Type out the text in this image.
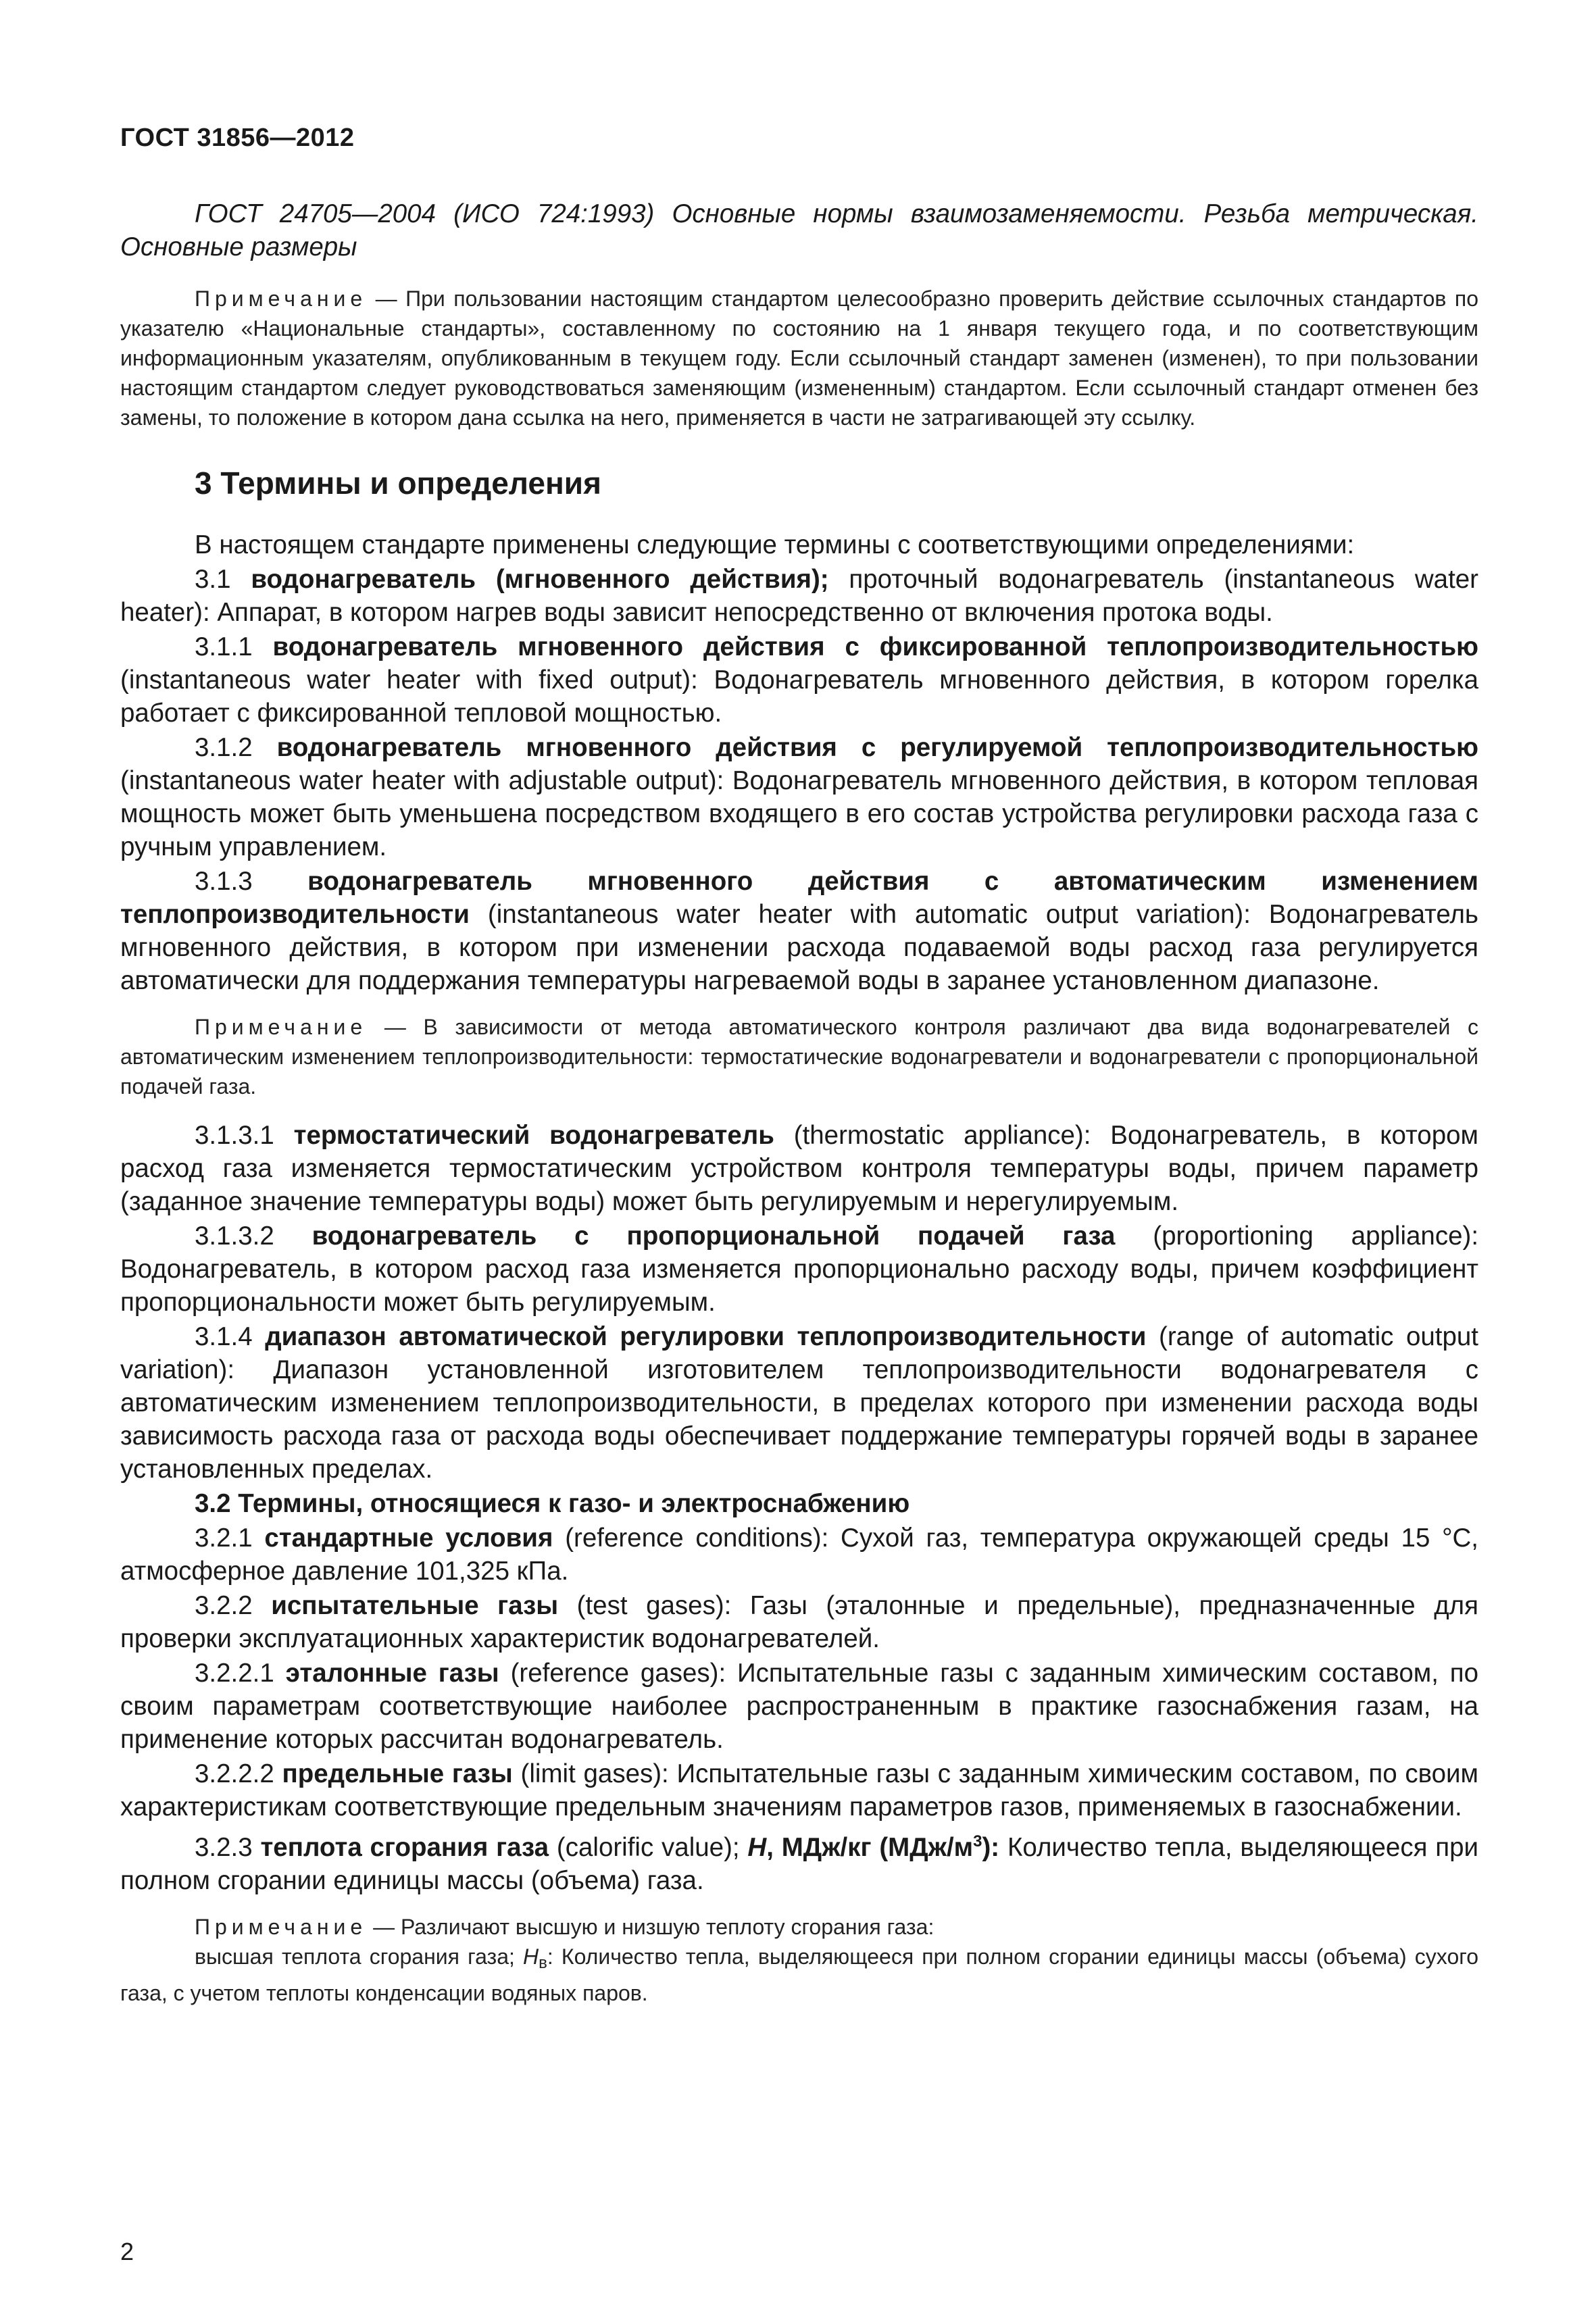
ГОСТ 31856—2012

ГОСТ 24705—2004 (ИСО 724:1993) Основные нормы взаимозаменяемости. Резьба метрическая. Основные размеры

Примечание — При пользовании настоящим стандартом целесообразно проверить действие ссылочных стандартов по указателю «Национальные стандарты», составленному по состоянию на 1 января текущего года, и по соответствующим информационным указателям, опубликованным в текущем году. Если ссылочный стандарт заменен (изменен), то при пользовании настоящим стандартом следует руководствоваться заменяющим (измененным) стандартом. Если ссылочный стандарт отменен без замены, то положение в котором дана ссылка на него, применяется в части не затрагивающей эту ссылку.

3 Термины и определения

В настоящем стандарте применены следующие термины с соответствующими определениями:

3.1 водонагреватель (мгновенного действия); проточный водонагреватель (instantaneous water heater): Аппарат, в котором нагрев воды зависит непосредственно от включения протока воды.

3.1.1 водонагреватель мгновенного действия с фиксированной теплопроизводительностью (instantaneous water heater with fixed output): Водонагреватель мгновенного действия, в котором горелка работает с фиксированной тепловой мощностью.

3.1.2 водонагреватель мгновенного действия с регулируемой теплопроизводительностью (instantaneous water heater with adjustable output): Водонагреватель мгновенного действия, в котором тепловая мощность может быть уменьшена посредством входящего в его состав устройства регулировки расхода газа с ручным управлением.

3.1.3 водонагреватель мгновенного действия с автоматическим изменением теплопроизводительности (instantaneous water heater with automatic output variation): Водонагреватель мгновенного действия, в котором при изменении расхода подаваемой воды расход газа регулируется автоматически для поддержания температуры нагреваемой воды в заранее установленном диапазоне.

Примечание — В зависимости от метода автоматического контроля различают два вида водонагревателей с автоматическим изменением теплопроизводительности: термостатические водонагреватели и водонагреватели с пропорциональной подачей газа.

3.1.3.1 термостатический водонагреватель (thermostatic appliance): Водонагреватель, в котором расход газа изменяется термостатическим устройством контроля температуры воды, причем параметр (заданное значение температуры воды) может быть регулируемым и нерегулируемым.

3.1.3.2 водонагреватель с пропорциональной подачей газа (proportioning appliance): Водонагреватель, в котором расход газа изменяется пропорционально расходу воды, причем коэффициент пропорциональности может быть регулируемым.

3.1.4 диапазон автоматической регулировки теплопроизводительности (range of automatic output variation): Диапазон установленной изготовителем теплопроизводительности водонагревателя с автоматическим изменением теплопроизводительности, в пределах которого при изменении расхода воды зависимость расхода газа от расхода воды обеспечивает поддержание температуры горячей воды в заранее установленных пределах.

3.2 Термины, относящиеся к газо- и электроснабжению

3.2.1 стандартные условия (reference conditions): Сухой газ, температура окружающей среды 15 °С, атмосферное давление 101,325 кПа.

3.2.2 испытательные газы (test gases): Газы (эталонные и предельные), предназначенные для проверки эксплуатационных характеристик водонагревателей.

3.2.2.1 эталонные газы (reference gases): Испытательные газы с заданным химическим составом, по своим параметрам соответствующие наиболее распространенным в практике газоснабжения газам, на применение которых рассчитан водонагреватель.

3.2.2.2 предельные газы (limit gases): Испытательные газы с заданным химическим составом, по своим характеристикам соответствующие предельным значениям параметров газов, применяемых в газоснабжении.

3.2.3 теплота сгорания газа (calorific value); H, МДж/кг $(МДж/м^3)$: Количество тепла, выделяющееся при полном сгорании единицы массы (объема) газа.

Примечание — Различают высшую и низшую теплоту сгорания газа:

высшая теплота сгорания газа; $H_в$: Количество тепла, выделяющееся при полном сгорании единицы массы (объема) сухого газа, с учетом теплоты конденсации водяных паров.

2
